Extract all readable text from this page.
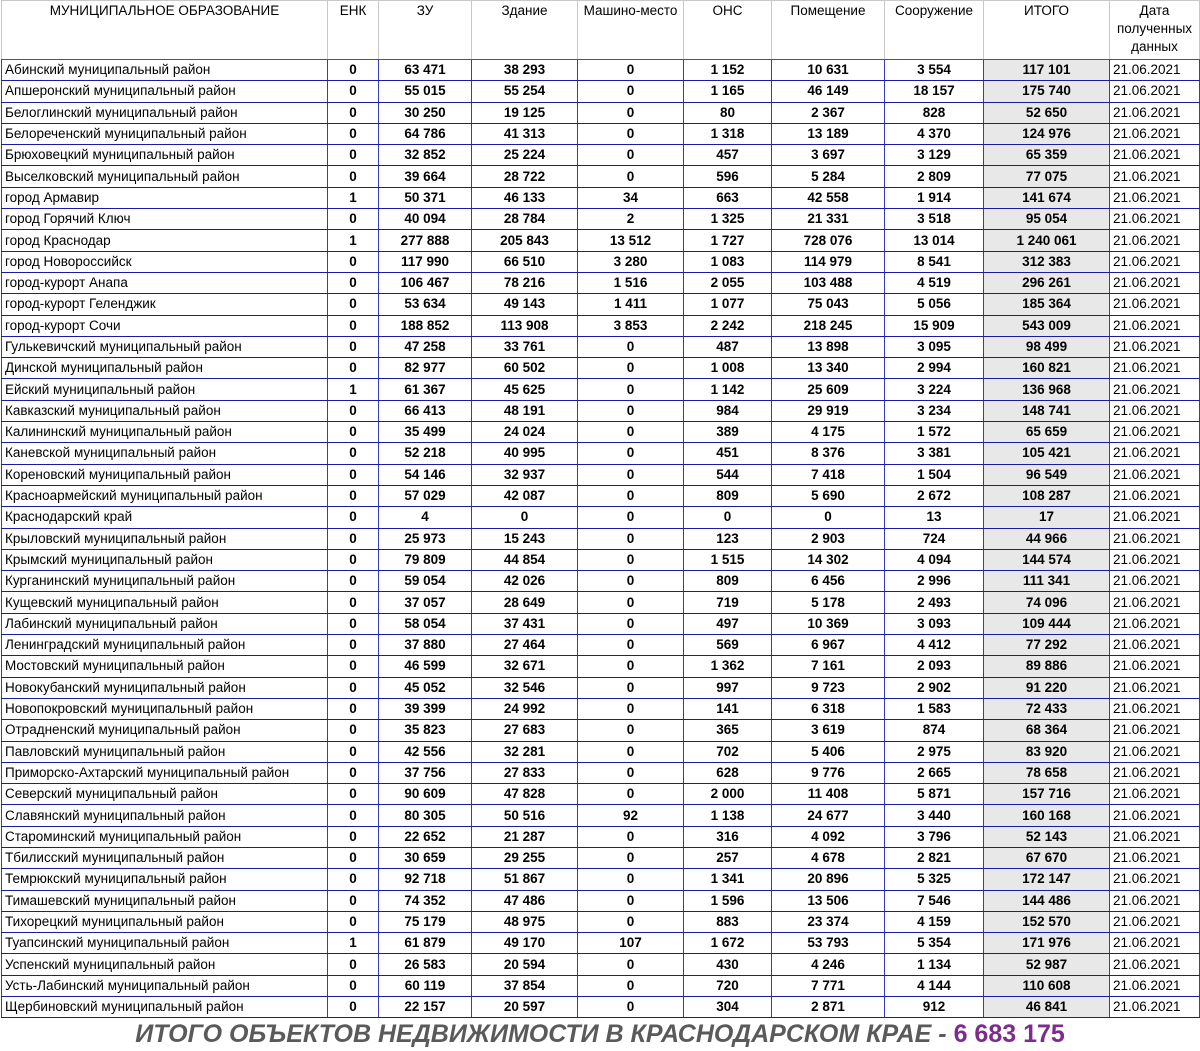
МУНИЦИПАЛЬНОЕ ОБРАЗОВАНИЕ	ЕНК	ЗУ	Здание	Машино-место	ОНС	Помещение	Сооружение	ИТОГО	Дата полученных данных
Абинский муниципальный район	0	63 471	38 293	0	1 152	10 631	3 554	117 101	21.06.2021
Апшеронский муниципальный район	0	55 015	55 254	0	1 165	46 149	18 157	175 740	21.06.2021
Белоглинский муниципальный район	0	30 250	19 125	0	80	2 367	828	52 650	21.06.2021
Белореченский муниципальный район	0	64 786	41 313	0	1 318	13 189	4 370	124 976	21.06.2021
Брюховецкий муниципальный район	0	32 852	25 224	0	457	3 697	3 129	65 359	21.06.2021
Выселковский муниципальный район	0	39 664	28 722	0	596	5 284	2 809	77 075	21.06.2021
город Армавир	1	50 371	46 133	34	663	42 558	1 914	141 674	21.06.2021
город Горячий Ключ	0	40 094	28 784	2	1 325	21 331	3 518	95 054	21.06.2021
город Краснодар	1	277 888	205 843	13 512	1 727	728 076	13 014	1 240 061	21.06.2021
город Новороссийск	0	117 990	66 510	3 280	1 083	114 979	8 541	312 383	21.06.2021
город-курорт Анапа	0	106 467	78 216	1 516	2 055	103 488	4 519	296 261	21.06.2021
город-курорт Геленджик	0	53 634	49 143	1 411	1 077	75 043	5 056	185 364	21.06.2021
город-курорт Сочи	0	188 852	113 908	3 853	2 242	218 245	15 909	543 009	21.06.2021
Гулькевичский муниципальный район	0	47 258	33 761	0	487	13 898	3 095	98 499	21.06.2021
Динской муниципальный район	0	82 977	60 502	0	1 008	13 340	2 994	160 821	21.06.2021
Ейский муниципальный район	1	61 367	45 625	0	1 142	25 609	3 224	136 968	21.06.2021
Кавказский муниципальный район	0	66 413	48 191	0	984	29 919	3 234	148 741	21.06.2021
Калининский муниципальный район	0	35 499	24 024	0	389	4 175	1 572	65 659	21.06.2021
Каневской муниципальный район	0	52 218	40 995	0	451	8 376	3 381	105 421	21.06.2021
Кореновский муниципальный район	0	54 146	32 937	0	544	7 418	1 504	96 549	21.06.2021
Красноармейский муниципальный район	0	57 029	42 087	0	809	5 690	2 672	108 287	21.06.2021
Краснодарский край	0	4	0	0	0	0	13	17	21.06.2021
Крыловский муниципальный район	0	25 973	15 243	0	123	2 903	724	44 966	21.06.2021
Крымский муниципальный район	0	79 809	44 854	0	1 515	14 302	4 094	144 574	21.06.2021
Курганинский муниципальный район	0	59 054	42 026	0	809	6 456	2 996	111 341	21.06.2021
Кущевский муниципальный район	0	37 057	28 649	0	719	5 178	2 493	74 096	21.06.2021
Лабинский муниципальный район	0	58 054	37 431	0	497	10 369	3 093	109 444	21.06.2021
Ленинградский муниципальный район	0	37 880	27 464	0	569	6 967	4 412	77 292	21.06.2021
Мостовский муниципальный район	0	46 599	32 671	0	1 362	7 161	2 093	89 886	21.06.2021
Новокубанский муниципальный район	0	45 052	32 546	0	997	9 723	2 902	91 220	21.06.2021
Новопокровский муниципальный район	0	39 399	24 992	0	141	6 318	1 583	72 433	21.06.2021
Отрадненский муниципальный район	0	35 823	27 683	0	365	3 619	874	68 364	21.06.2021
Павловский муниципальный район	0	42 556	32 281	0	702	5 406	2 975	83 920	21.06.2021
Приморско-Ахтарский муниципальный район	0	37 756	27 833	0	628	9 776	2 665	78 658	21.06.2021
Северский муниципальный район	0	90 609	47 828	0	2 000	11 408	5 871	157 716	21.06.2021
Славянский муниципальный район	0	80 305	50 516	92	1 138	24 677	3 440	160 168	21.06.2021
Староминский муниципальный район	0	22 652	21 287	0	316	4 092	3 796	52 143	21.06.2021
Тбилисский муниципальный район	0	30 659	29 255	0	257	4 678	2 821	67 670	21.06.2021
Темрюкский муниципальный район	0	92 718	51 867	0	1 341	20 896	5 325	172 147	21.06.2021
Тимашевский муниципальный район	0	74 352	47 486	0	1 596	13 506	7 546	144 486	21.06.2021
Тихорецкий муниципальный район	0	75 179	48 975	0	883	23 374	4 159	152 570	21.06.2021
Туапсинский муниципальный район	1	61 879	49 170	107	1 672	53 793	5 354	171 976	21.06.2021
Успенский муниципальный район	0	26 583	20 594	0	430	4 246	1 134	52 987	21.06.2021
Усть-Лабинский муниципальный район	0	60 119	37 854	0	720	7 771	4 144	110 608	21.06.2021
Щербиновский муниципальный район	0	22 157	20 597	0	304	2 871	912	46 841	21.06.2021
ИТОГО ОБЪЕКТОВ НЕДВИЖИМОСТИ В КРАСНОДАРСКОМ КРАЕ - 6 683 175
